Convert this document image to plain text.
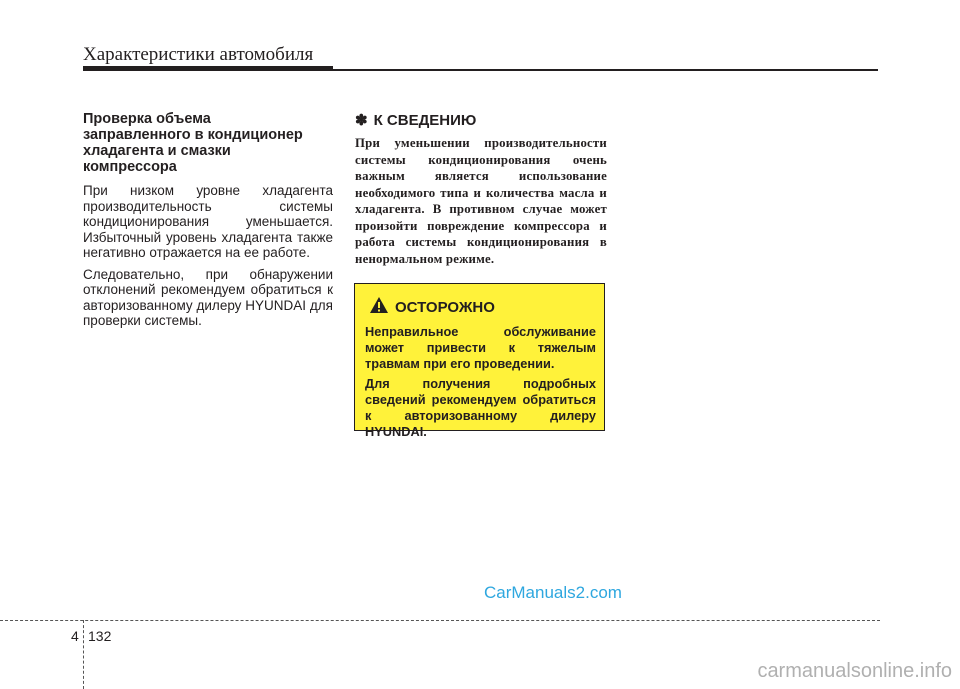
Характеристики автомобиля
Проверка объема
заправленного в кондиционер
хладагента и смазки
компрессора

При низком уровне хладагента производительность системы кондиционирования уменьшается. Избыточный уровень хладагента также негативно отражается на ее работе.

Следовательно, при обнаружении отклонений рекомендуем обратиться к авторизованному дилеру HYUNDAI для проверки системы.

✽ К СВЕДЕНИЮ

При уменьшении производительности системы кондиционирования очень важным является использование необходимого типа и количества масла и хладагента. В противном случае может произойти повреждение компрессора и работа системы кондиционирования в ненормальном режиме.

ОСТОРОЖНО

Неправильное обслуживание может привести к тяжелым травмам при его проведении.

Для получения подробных сведений рекомендуем обратиться к авторизованному дилеру HYUNDAI.

CarManuals2.com
4 132
carmanualsonline.info
